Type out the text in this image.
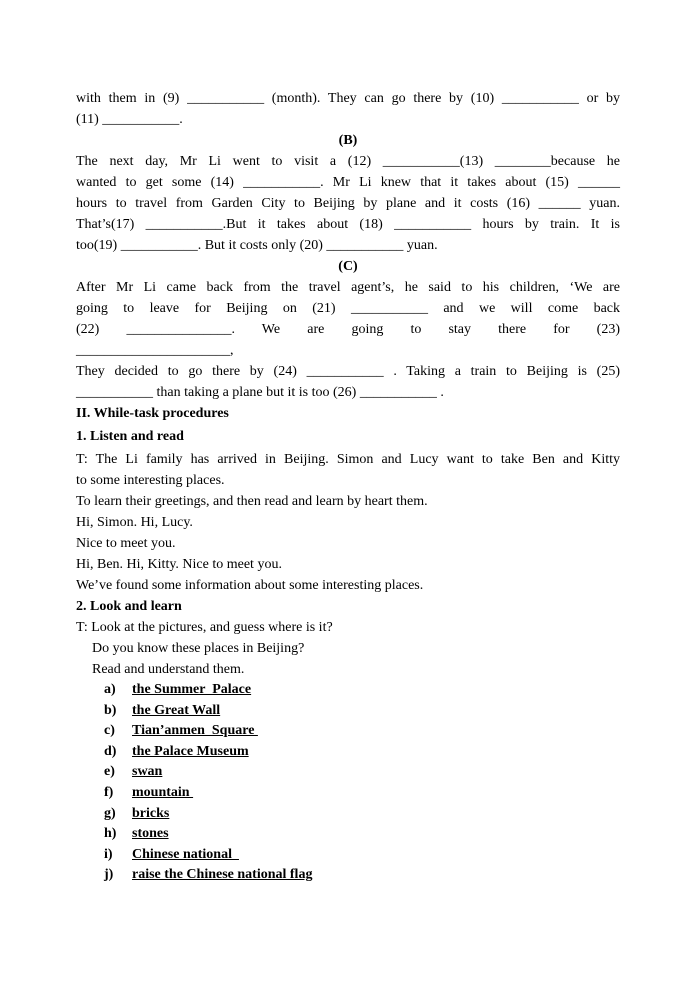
with them in (9) ___________ (month). They can go there by (10) ___________ or by

(11) ___________.

(B)

The next day, Mr Li went to visit a (12) ___________(13) ________because he

wanted to get some (14) ___________. Mr Li knew that it takes about (15) ______

hours to travel from Garden City to Beijing by plane and it costs (16) ______ yuan.

That’s(17) ___________.But it takes about (18) ___________ hours by train. It is

too(19) ___________. But it costs only (20) ___________ yuan.

(C)

After Mr Li came back from the travel agent’s, he said to his children, ‘We are

going to leave for Beijing on (21) ___________ and we will come back

(22) _______________. We are going to stay there for (23)

______________________,

They decided to go there by (24) ___________ . Taking a train to Beijing is (25)

___________ than taking a plane but it is too (26) ___________ .

II. While-task procedures

1. Listen and read

T: The Li family has arrived in Beijing. Simon and Lucy want to take Ben and Kitty

to some interesting places.

To learn their greetings, and then read and learn by heart them.

Hi, Simon. Hi, Lucy.

Nice to meet you.

Hi, Ben. Hi, Kitty. Nice to meet you.

We’ve found some information about some interesting places.

2. Look and learn

T: Look at the pictures, and guess where is it?

Do you know these places in Beijing?

Read and understand them.

a)	the Summer  Palace
b)	the Great Wall
c)	Tian’anmen  Square
d)	the Palace Museum
e)	swan
f)	mountain
g)	bricks
h)	stones
i)	Chinese national
j)	raise the Chinese national flag
